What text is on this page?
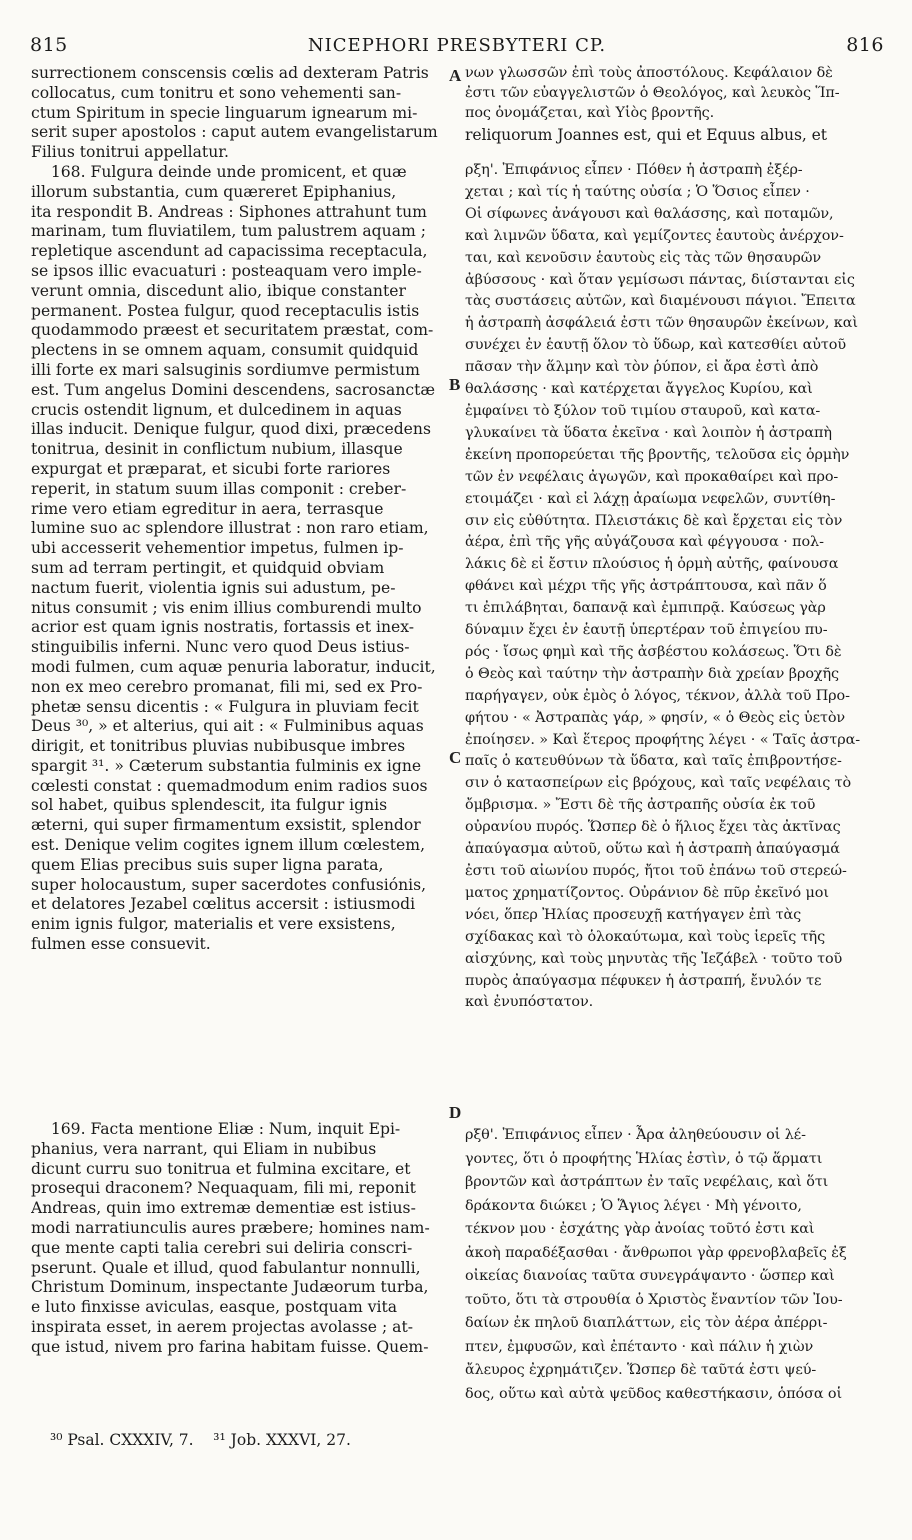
815	NICEPHORI PRESBYTERI CP.	816
surrectionem conscensis cœlis ad dexteram Patris
collocatus, cum tonitru et sono vehementi san-
ctum Spiritum in specie linguarum ignearum mi-
serit super apostolos : caput autem evangelistarum
Filius tonitrui appellatur.
168. Fulgura deinde unde promicent, et quæ
illorum substantia, cum quæreret Epiphanius,
ita respondit B. Andreas : Siphones attrahunt tum
marinam, tum fluviatilem, tum palustrem aquam ;
repletique ascendunt ad capacissima receptacula,
se ipsos illic evacuaturi : posteaquam vero imple-
verunt omnia, discedunt alio, ibique constanter
permanent. Postea fulgur, quod receptaculis istis
quodammodo præest et securitatem præstat, com-
plectens in se omnem aquam, consumit quidquid
illi forte ex mari salsuginis sordiumve permistum
est. Tum angelus Domini descendens, sacrosanctæ
crucis ostendit lignum, et dulcedinem in aquas
illas inducit. Denique fulgur, quod dixi, præcedens
tonitrua, desinit in conflictum nubium, illasque
expurgat et præparat, et sicubi forte rariores
reperit, in statum suum illas componit : creber-
rime vero etiam egreditur in aera, terrasque
lumine suo ac splendore illustrat : non raro etiam,
ubi accesserit vehementior impetus, fulmen ip-
sum ad terram pertingit, et quidquid obviam
nactum fuerit, violentia ignis sui adustum, pe-
nitus consumit ; vis enim illius comburendi multo
acrior est quam ignis nostratis, fortassis et inex-
stinguibilis inferni. Nunc vero quod Deus istius-
modi fulmen, cum aquæ penuria laboratur, inducit,
non ex meo cerebro promanat, fili mi, sed ex Pro-
phetæ sensu dicentis : « Fulgura in pluviam fecit
Deus ³⁰, » et alterius, qui ait : « Fulminibus aquas
dirigit, et tonitribus pluvias nubibusque imbres
spargit ³¹. » Cæterum substantia fulminis ex igne
cœlesti constat : quemadmodum enim radios suos
sol habet, quibus splendescit, ita fulgur ignis
æterni, qui super firmamentum exsistit, splendor
est. Denique velim cogites ignem illum cœlestem,
quem Elias precibus suis super ligna parata,
super holocaustum, super sacerdotes confusiónis,
et delatores Jezabel cœlitus accersit : istiusmodi
enim ignis fulgor, materialis et vere exsistens,
fulmen esse consuevit.
169. Facta mentione Eliæ : Num, inquit Epi-
phanius, vera narrant, qui Eliam in nubibus
dicunt curru suo tonitrua et fulmina excitare, et
prosequi draconem? Nequaquam, fili mi, reponit
Andreas, quin imo extremæ dementiæ est istius-
modi narratiunculis aures præbere; homines nam-
que mente capti talia cerebri sui deliria conscri-
pserunt. Quale et illud, quod fabulantur nonnulli,
Christum Dominum, inspectante Judæorum turba,
e luto finxisse aviculas, easque, postquam vita
inspirata esset, in aerem projectas avolasse ; at-
que istud, nivem pro farina habitam fuisse. Quem-
νων γλωσσῶν ἐπὶ τοὺς ἀποστόλους. Κεφάλαιον δὲ
ἐστι τῶν εὐαγγελιστῶν ὁ Θεολόγος, καὶ λευκὸς Ἵπ-
πος ὀνομάζεται, καὶ Υἱὸς βροντῆς.
reliquorum Joannes est, qui et Equus albus, et
ρξη'. Ἐπιφάνιος εἶπεν · Πόθεν ἡ ἀστραπὴ ἐξέρ-
χεται ; καὶ τίς ἡ ταύτης οὐσία ; Ὁ Ὅσιος εἶπεν ·
Οἱ σίφωνες ἀνάγουσι καὶ θαλάσσης, καὶ ποταμῶν,
καὶ λιμνῶν ὕδατα, καὶ γεμίζοντες ἑαυτοὺς ἀνέρχον-
ται, καὶ κενοῦσιν ἑαυτοὺς εἰς τὰς τῶν θησαυρῶν
ἀβύσσους · καὶ ὅταν γεμίσωσι πάντας, διίστανται εἰς
τὰς συστάσεις αὐτῶν, καὶ διαμένουσι πάγιοι. Ἔπειτα
ἡ ἀστραπὴ ἀσφάλειά ἐστι τῶν θησαυρῶν ἐκείνων, καὶ
συνέχει ἐν ἑαυτῇ ὅλον τὸ ὕδωρ, καὶ κατεσθίει αὐτοῦ
πᾶσαν τὴν ἅλμην καὶ τὸν ῥύπον, εἰ ἄρα ἐστὶ ἀπὸ
θαλάσσης · καὶ κατέρχεται ἄγγελος Κυρίου, καὶ
ἐμφαίνει τὸ ξύλον τοῦ τιμίου σταυροῦ, καὶ κατα-
γλυκαίνει τὰ ὕδατα ἐκεῖνα · καὶ λοιπὸν ἡ ἀστραπὴ
ἐκείνη προπορεύεται τῆς βροντῆς, τελοῦσα εἰς ὁρμὴν
τῶν ἐν νεφέλαις ἀγωγῶν, καὶ προκαθαίρει καὶ προ-
ετοιμάζει · καὶ εἰ λάχῃ ἀραίωμα νεφελῶν, συντίθη-
σιν εἰς εὐθύτητα. Πλειστάκις δὲ καὶ ἔρχεται εἰς τὸν
ἀέρα, ἐπὶ τῆς γῆς αὐγάζουσα καὶ φέγγουσα · πολ-
λάκις δὲ εἰ ἔστιν πλούσιος ἡ ὁρμὴ αὐτῆς, φαίνουσα
φθάνει καὶ μέχρι τῆς γῆς ἀστράπτουσα, καὶ πᾶν ὅ
τι ἐπιλάβηται, δαπανᾷ καὶ ἐμπιπρᾷ. Καύσεως γὰρ
δύναμιν ἔχει ἐν ἑαυτῇ ὑπερτέραν τοῦ ἐπιγείου πυ-
ρός · ἴσως φημὶ καὶ τῆς ἀσβέστου κολάσεως. Ὅτι δὲ
ὁ Θεὸς καὶ ταύτην τὴν ἀστραπὴν διὰ χρείαν βροχῆς
παρήγαγεν, οὐκ ἐμὸς ὁ λόγος, τέκνον, ἀλλὰ τοῦ Προ-
φήτου · « Ἀστραπὰς γάρ, » φησίν, « ὁ Θεὸς εἰς ὑετὸν
ἐποίησεν. » Καὶ ἕτερος προφήτης λέγει · « Ταῖς ἀστρα-
παῖς ὁ κατευθύνων τὰ ὕδατα, καὶ ταῖς ἐπιβροντήσε-
σιν ὁ κατασπείρων εἰς βρόχους, καὶ ταῖς νεφέλαις τὸ
ὄμβρισμα. » Ἔστι δὲ τῆς ἀστραπῆς οὐσία ἐκ τοῦ
οὐρανίου πυρός. Ὥσπερ δὲ ὁ ἥλιος ἔχει τὰς ἀκτῖνας
ἀπαύγασμα αὐτοῦ, οὕτω καὶ ἡ ἀστραπὴ ἀπαύγασμά
ἐστι τοῦ αἰωνίου πυρός, ἤτοι τοῦ ἐπάνω τοῦ στερεώ-
ματος χρηματίζοντος. Οὐράνιον δὲ πῦρ ἐκεῖνό μοι
νόει, ὅπερ Ἠλίας προσευχῇ κατήγαγεν ἐπὶ τὰς
σχίδακας καὶ τὸ ὁλοκαύτωμα, καὶ τοὺς ἱερεῖς τῆς
αἰσχύνης, καὶ τοὺς μηνυτὰς τῆς Ἰεζάβελ · τοῦτο τοῦ
πυρὸς ἀπαύγασμα πέφυκεν ἡ ἀστραπή, ἔνυλόν τε
καὶ ἐνυπόστατον.
ρξθ'. Ἐπιφάνιος εἶπεν · Ἆρα ἀληθεύουσιν οἱ λέ-
γοντες, ὅτι ὁ προφήτης Ἡλίας ἐστὶν, ὁ τῷ ἅρματι
βροντῶν καὶ ἀστράπτων ἐν ταῖς νεφέλαις, καὶ ὅτι
δράκοντα διώκει ; Ὁ Ἅγιος λέγει · Μὴ γένοιτο,
τέκνον μου · ἐσχάτης γὰρ ἀνοίας τοῦτό ἐστι καὶ
ἀκοὴ παραδέξασθαι · ἄνθρωποι γὰρ φρενοβλαβεῖς ἐξ
οἰκείας διανοίας ταῦτα συνεγράψαντο · ὥσπερ καὶ
τοῦτο, ὅτι τὰ στρουθία ὁ Χριστὸς ἔναντίον τῶν Ἰου-
δαίων ἐκ πηλοῦ διαπλάττων, εἰς τὸν ἀέρα ἀπέρρι-
πτεν, ἐμφυσῶν, καὶ ἐπέταντο · καὶ πάλιν ἡ χιὼν
ἄλευρος ἐχρημάτιζεν. Ὥσπερ δὲ ταῦτά ἐστι ψεύ-
δος, οὕτω καὶ αὐτὰ ψεῦδος καθεστήκασιν, ὁπόσα οἱ
A
B
C
D
³⁰ Psal. CXXXIV, 7.    ³¹ Job. XXXVI, 27.
